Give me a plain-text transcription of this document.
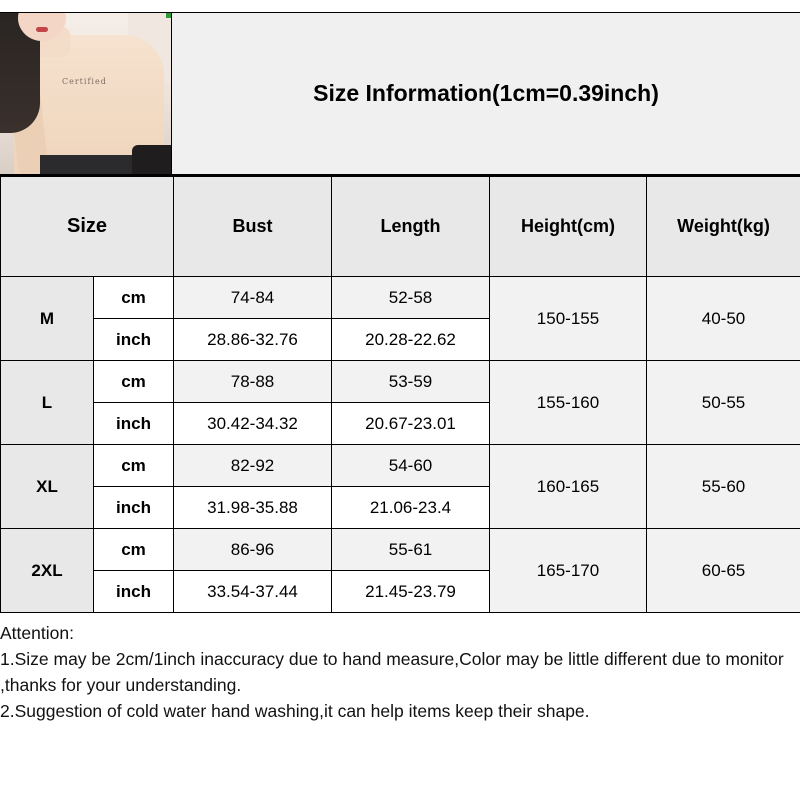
Certified	Size Information(1cm=0.39inch)
Size		Bust	Length	Height(cm)	Weight(kg)
M	cm	74-84	52-58	150-155	40-50
	inch	28.86-32.76	20.28-22.62		
L	cm	78-88	53-59	155-160	50-55
	inch	30.42-34.32	20.67-23.01		
XL	cm	82-92	54-60	160-165	55-60
	inch	31.98-35.88	21.06-23.4		
2XL	cm	86-96	55-61	165-170	60-65
	inch	33.54-37.44	21.45-23.79		
Attention:
1.Size may be 2cm/1inch inaccuracy due to hand measure,Color may be little different due to monitor ,thanks for your understanding.
2.Suggestion of cold water hand washing,it can help items keep their shape.
